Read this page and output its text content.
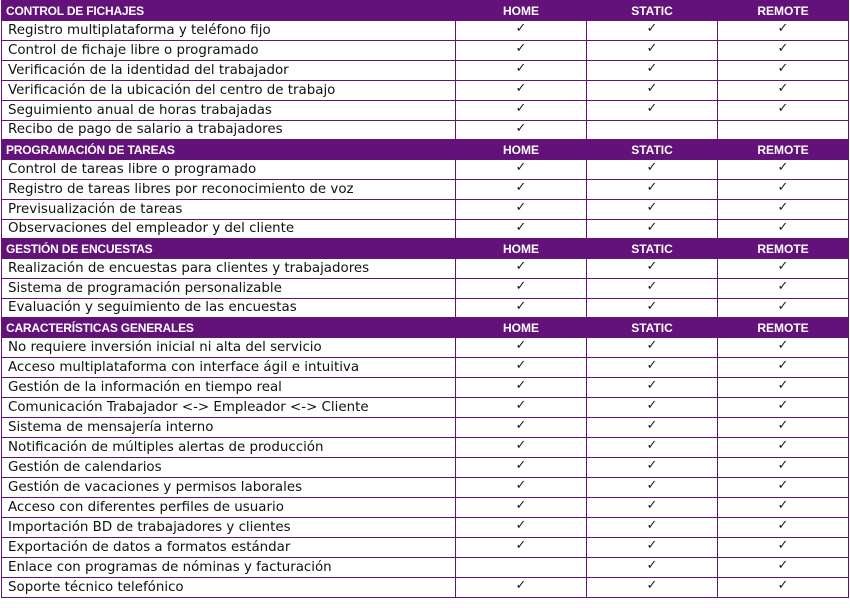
CONTROL DE FICHAJES	HOME	STATIC	REMOTE
Registro multiplataforma y teléfono fijo	✓	✓	✓
Control de fichaje libre o programado	✓	✓	✓
Verificación de la identidad del trabajador	✓	✓	✓
Verificación de la ubicación del centro de trabajo	✓	✓	✓
Seguimiento anual de horas trabajadas	✓	✓	✓
Recibo de pago de salario a trabajadores	✓		
PROGRAMACIÓN DE TAREAS	HOME	STATIC	REMOTE
Control de tareas libre o programado	✓	✓	✓
Registro de tareas libres por reconocimiento de voz	✓	✓	✓
Previsualización de tareas	✓	✓	✓
Observaciones del empleador y del cliente	✓	✓	✓
GESTIÓN DE ENCUESTAS	HOME	STATIC	REMOTE
Realización de encuestas para clientes y trabajadores	✓	✓	✓
Sistema de programación personalizable	✓	✓	✓
Evaluación y seguimiento de las encuestas	✓	✓	✓
CARACTERÍSTICAS GENERALES	HOME	STATIC	REMOTE
No requiere inversión inicial ni alta del servicio	✓	✓	✓
Acceso multiplataforma con interface ágil e intuitiva	✓	✓	✓
Gestión de la información en tiempo real	✓	✓	✓
Comunicación Trabajador <-> Empleador <-> Cliente	✓	✓	✓
Sistema de mensajería interno	✓	✓	✓
Notificación de múltiples alertas de producción	✓	✓	✓
Gestión de calendarios	✓	✓	✓
Gestión de vacaciones y permisos laborales	✓	✓	✓
Acceso con diferentes perfiles de usuario	✓	✓	✓
Importación BD de trabajadores y clientes	✓	✓	✓
Exportación de datos a formatos estándar	✓	✓	✓
Enlace con programas de nóminas y facturación		✓	✓
Soporte técnico telefónico	✓	✓	✓
